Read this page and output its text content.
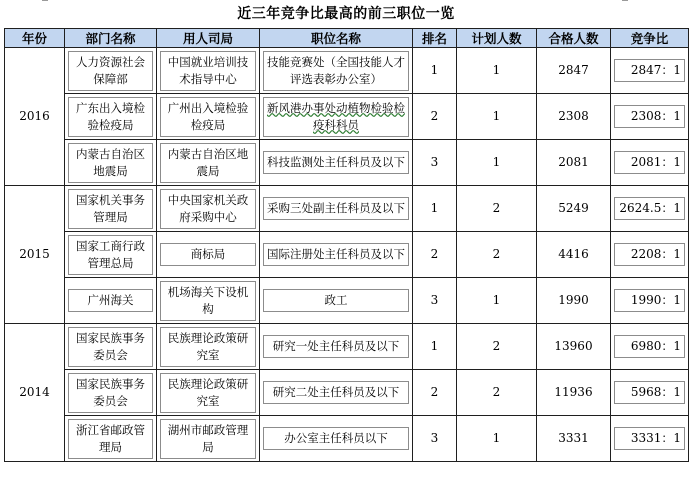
近三年竞争比最高的前三职位一览
年份	部门名称	用人司局	职位名称	排名	计划人数	合格人数	竞争比
2016	人力资源社会保障部	中国就业培训技术指导中心	技能竞赛处（全国技能人才评选表彰办公室）	1	1	2847	2847：1
	广东出入境检验检疫局	广州出入境检验检疫局	新风港办事处动植物检验检疫科科员	2	1	2308	2308：1
	内蒙古自治区地震局	内蒙古自治区地震局	科技监测处主任科员及以下	3	1	2081	2081：1
2015	国家机关事务管理局	中央国家机关政府采购中心	采购三处副主任科员及以下	1	2	5249	2624.5：1
	国家工商行政管理总局	商标局	国际注册处主任科员及以下	2	2	4416	2208：1
	广州海关	机场海关下设机构	政工	3	1	1990	1990：1
2014	国家民族事务委员会	民族理论政策研究室	研究一处主任科员及以下	1	2	13960	6980：1
	国家民族事务委员会	民族理论政策研究室	研究二处主任科员及以下	2	2	11936	5968：1
	浙江省邮政管理局	湖州市邮政管理局	办公室主任科员以下	3	1	3331	3331：1
